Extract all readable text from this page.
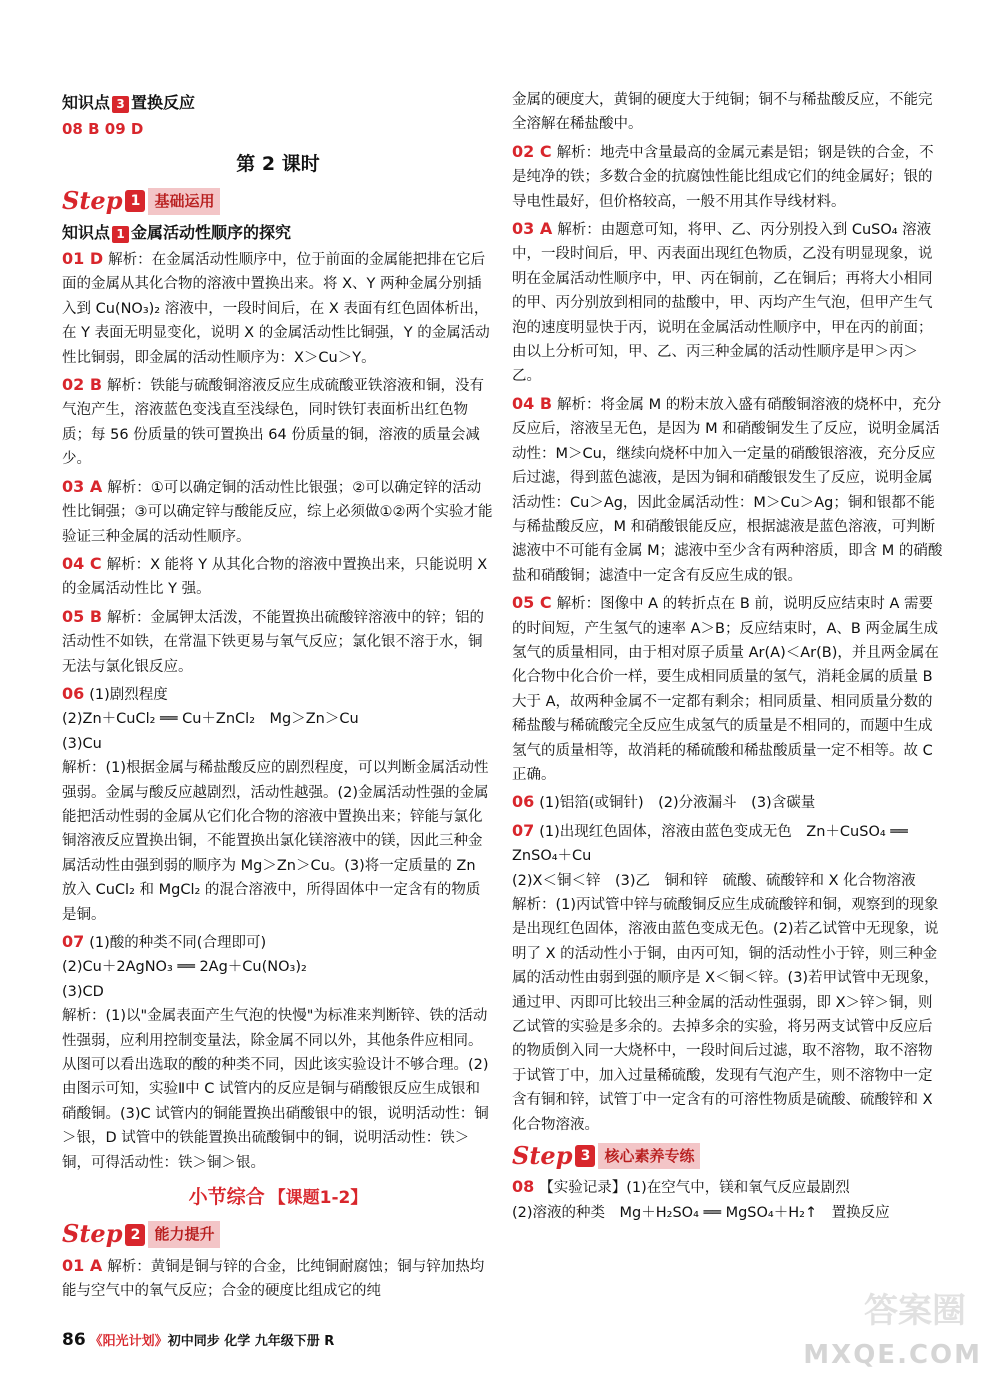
知识点 3 置换反应
08 B 09 D
第 2 课时
Step 1 基础运用
知识点 1 金属活动性顺序的探究
01 D 解析：在金属活动性顺序中，位于前面的金属能把排在它后面的金属从其化合物的溶液中置换出来。将 X、Y 两种金属分别插入到 Cu(NO₃)₂ 溶液中，一段时间后，在 X 表面有红色固体析出，在 Y 表面无明显变化，说明 X 的金属活动性比铜强，Y 的金属活动性比铜弱，即金属的活动性顺序为：X＞Cu＞Y。
02 B 解析：铁能与硫酸铜溶液反应生成硫酸亚铁溶液和铜，没有气泡产生，溶液蓝色变浅直至浅绿色，同时铁钉表面析出红色物质；每 56 份质量的铁可置换出 64 份质量的铜，溶液的质量会减少。
03 A 解析：①可以确定铜的活动性比银强；②可以确定锌的活动性比铜强；③可以确定锌与酸能反应，综上必须做①②两个实验才能验证三种金属的活动性顺序。
04 C 解析：X 能将 Y 从其化合物的溶液中置换出来，只能说明 X 的金属活动性比 Y 强。
05 B 解析：金属钾太活泼，不能置换出硫酸锌溶液中的锌；铝的活动性不如铁，在常温下铁更易与氧气反应；氯化银不溶于水，铜无法与氯化银反应。
06 (1)剧烈程度
(2)Zn＋CuCl₂ ══ Cu＋ZnCl₂　Mg＞Zn＞Cu
(3)Cu
解析：(1)根据金属与稀盐酸反应的剧烈程度，可以判断金属活动性强弱。金属与酸反应越剧烈，活动性越强。(2)金属活动性强的金属能把活动性弱的金属从它们化合物的溶液中置换出来；锌能与氯化铜溶液反应置换出铜，不能置换出氯化镁溶液中的镁，因此三种金属活动性由强到弱的顺序为 Mg＞Zn＞Cu。(3)将一定质量的 Zn 放入 CuCl₂ 和 MgCl₂ 的混合溶液中，所得固体中一定含有的物质是铜。
07 (1)酸的种类不同(合理即可)
(2)Cu＋2AgNO₃ ══ 2Ag＋Cu(NO₃)₂
(3)CD
解析：(1)以"金属表面产生气泡的快慢"为标准来判断锌、铁的活动性强弱，应利用控制变量法，除金属不同以外，其他条件应相同。从图可以看出选取的酸的种类不同，因此该实验设计不够合理。(2)由图示可知，实验Ⅱ中 C 试管内的反应是铜与硝酸银反应生成银和硝酸铜。(3)C 试管内的铜能置换出硝酸银中的银，说明活动性：铜＞银，D 试管中的铁能置换出硫酸铜中的铜，说明活动性：铁＞铜，可得活动性：铁＞铜＞银。
小节综合 【课题1-2】
Step 2 能力提升
01 A 解析：黄铜是铜与锌的合金，比纯铜耐腐蚀；铜与锌加热均能与空气中的氧气反应；合金的硬度比组成它的纯
金属的硬度大，黄铜的硬度大于纯铜；铜不与稀盐酸反应，不能完全溶解在稀盐酸中。
02 C 解析：地壳中含量最高的金属元素是铝；钢是铁的合金，不是纯净的铁；多数合金的抗腐蚀性能比组成它们的纯金属好；银的导电性最好，但价格较高，一般不用其作导线材料。
03 A 解析：由题意可知，将甲、乙、丙分别投入到 CuSO₄ 溶液中，一段时间后，甲、丙表面出现红色物质，乙没有明显现象，说明在金属活动性顺序中，甲、丙在铜前，乙在铜后；再将大小相同的甲、丙分别放到相同的盐酸中，甲、丙均产生气泡，但甲产生气泡的速度明显快于丙，说明在金属活动性顺序中，甲在丙的前面；由以上分析可知，甲、乙、丙三种金属的活动性顺序是甲＞丙＞乙。
04 B 解析：将金属 M 的粉末放入盛有硝酸铜溶液的烧杯中，充分反应后，溶液呈无色，是因为 M 和硝酸铜发生了反应，说明金属活动性：M＞Cu，继续向烧杯中加入一定量的硝酸银溶液，充分反应后过滤，得到蓝色滤液，是因为铜和硝酸银发生了反应，说明金属活动性：Cu＞Ag，因此金属活动性：M＞Cu＞Ag；铜和银都不能与稀盐酸反应，M 和硝酸银能反应，根据滤液是蓝色溶液，可判断滤液中不可能有金属 M；滤液中至少含有两种溶质，即含 M 的硝酸盐和硝酸铜；滤渣中一定含有反应生成的银。
05 C 解析：图像中 A 的转折点在 B 前，说明反应结束时 A 需要的时间短，产生氢气的速率 A＞B；反应结束时，A、B 两金属生成氢气的质量相同，由于相对原子质量 Ar(A)＜Ar(B)，并且两金属在化合物中化合价一样，要生成相同质量的氢气，消耗金属的质量 B 大于 A，故两种金属不一定都有剩余；相同质量、相同质量分数的稀盐酸与稀硫酸完全反应生成氢气的质量是不相同的，而题中生成氢气的质量相等，故消耗的稀硫酸和稀盐酸质量一定不相等。故 C 正确。
06 (1)铝箔(或铜针)　(2)分液漏斗　(3)含碳量
07 (1)出现红色固体，溶液由蓝色变成无色　Zn＋CuSO₄ ══ ZnSO₄＋Cu
(2)X＜铜＜锌　(3)乙　铜和锌　硫酸、硫酸锌和 X 化合物溶液
解析：(1)丙试管中锌与硫酸铜反应生成硫酸锌和铜，观察到的现象是出现红色固体，溶液由蓝色变成无色。(2)若乙试管中无现象，说明了 X 的活动性小于铜，由丙可知，铜的活动性小于锌，则三种金属的活动性由弱到强的顺序是 X＜铜＜锌。(3)若甲试管中无现象，通过甲、丙即可比较出三种金属的活动性强弱，即 X＞锌＞铜，则乙试管的实验是多余的。去掉多余的实验，将另两支试管中反应后的物质倒入同一大烧杯中，一段时间后过滤，取不溶物，取不溶物于试管丁中，加入过量稀硫酸，发现有气泡产生，则不溶物中一定含有铜和锌，试管丁中一定含有的可溶性物质是硫酸、硫酸锌和 X 化合物溶液。
Step 3 核心素养专练
08 【实验记录】(1)在空气中，镁和氧气反应最剧烈
(2)溶液的种类　Mg＋H₂SO₄ ══ MgSO₄＋H₂↑　置换反应
86 《阳光计划》初中同步 化学 九年级下册 R
答案圈
MXQE.COM
